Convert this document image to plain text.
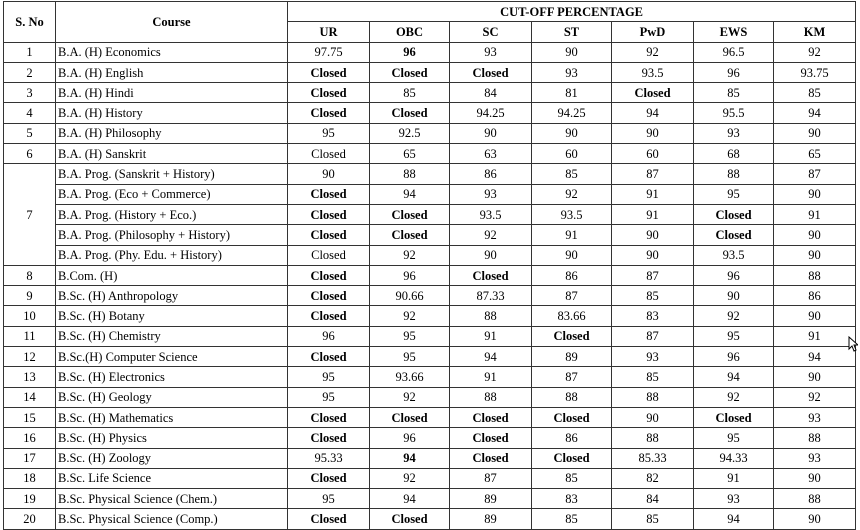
S. No	Course	CUT-OFF PERCENTAGE						
		UR	OBC	SC	ST	PwD	EWS	KM
1	B.A. (H) Economics	97.75	96	93	90	92	96.5	92
2	B.A. (H) English	Closed	Closed	Closed	93	93.5	96	93.75
3	B.A. (H) Hindi	Closed	85	84	81	Closed	85	85
4	B.A. (H) History	Closed	Closed	94.25	94.25	94	95.5	94
5	B.A. (H) Philosophy	95	92.5	90	90	90	93	90
6	B.A. (H) Sanskrit	Closed	65	63	60	60	68	65
7	B.A. Prog. (Sanskrit + History)	90	88	86	85	87	88	87
	B.A. Prog. (Eco + Commerce)	Closed	94	93	92	91	95	90
	B.A. Prog. (History + Eco.)	Closed	Closed	93.5	93.5	91	Closed	91
	B.A. Prog. (Philosophy + History)	Closed	Closed	92	91	90	Closed	90
	B.A. Prog. (Phy. Edu. + History)	Closed	92	90	90	90	93.5	90
8	B.Com. (H)	Closed	96	Closed	86	87	96	88
9	B.Sc. (H) Anthropology	Closed	90.66	87.33	87	85	90	86
10	B.Sc. (H) Botany	Closed	92	88	83.66	83	92	90
11	B.Sc. (H) Chemistry	96	95	91	Closed	87	95	91
12	B.Sc.(H) Computer Science	Closed	95	94	89	93	96	94
13	B.Sc. (H) Electronics	95	93.66	91	87	85	94	90
14	B.Sc. (H) Geology	95	92	88	88	88	92	92
15	B.Sc. (H) Mathematics	Closed	Closed	Closed	Closed	90	Closed	93
16	B.Sc. (H) Physics	Closed	96	Closed	86	88	95	88
17	B.Sc. (H) Zoology	95.33	94	Closed	Closed	85.33	94.33	93
18	B.Sc. Life Science	Closed	92	87	85	82	91	90
19	B.Sc. Physical Science (Chem.)	95	94	89	83	84	93	88
20	B.Sc. Physical Science (Comp.)	Closed	Closed	89	85	85	94	90
